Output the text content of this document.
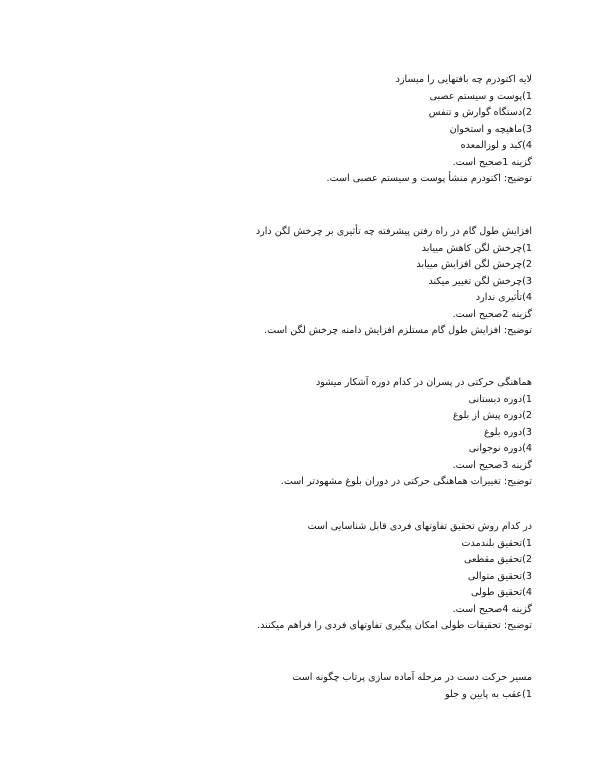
لایه اکتودرم چه بافتهایی را میسازد
1)پوست و سیستم عصبی
2)دستگاه گوارش و تنفس
3)ماهیچه و استخوان
4)کبد و لوزالمعده
گزینه 1صحیح است.
توضیح: اکتودرم منشأ پوست و سیستم عصبی است.
افزایش طول گام در راه رفتن پیشرفته چه تأثیری بر چرخش لگن دارد
1)چرخش لگن کاهش مییابد
2)چرخش لگن افزایش مییابد
3)چرخش لگن تغییر میکند
4)تأثیری ندارد
گزینه 2صحیح است.
توضیح: افزایش طول گام مستلزم افزایش دامنه چرخش لگن است.
هماهنگی حرکتی در پسران در کدام دوره آشکار میشود
1)دوره دبستانی
2)دوره پیش از بلوغ
3)دوره بلوغ
4)دوره نوجوانی
گزینه 3صحیح است.
توضیح: تغییرات هماهنگی حرکتی در دوران بلوغ مشهودتر است.
در کدام روش تحقیق تفاوتهای فردی قابل شناسایی است
1)تحقیق بلندمدت
2)تحقیق مقطعی
3)تحقیق متوالی
4)تحقیق طولی
گزینه 4صحیح است.
توضیح: تحقیقات طولی امکان پیگیری تفاوتهای فردی را فراهم میکنند.
مسیر حرکت دست در مرحله آماده سازی پرتاب چگونه است
1)عقب به پایین و جلو
